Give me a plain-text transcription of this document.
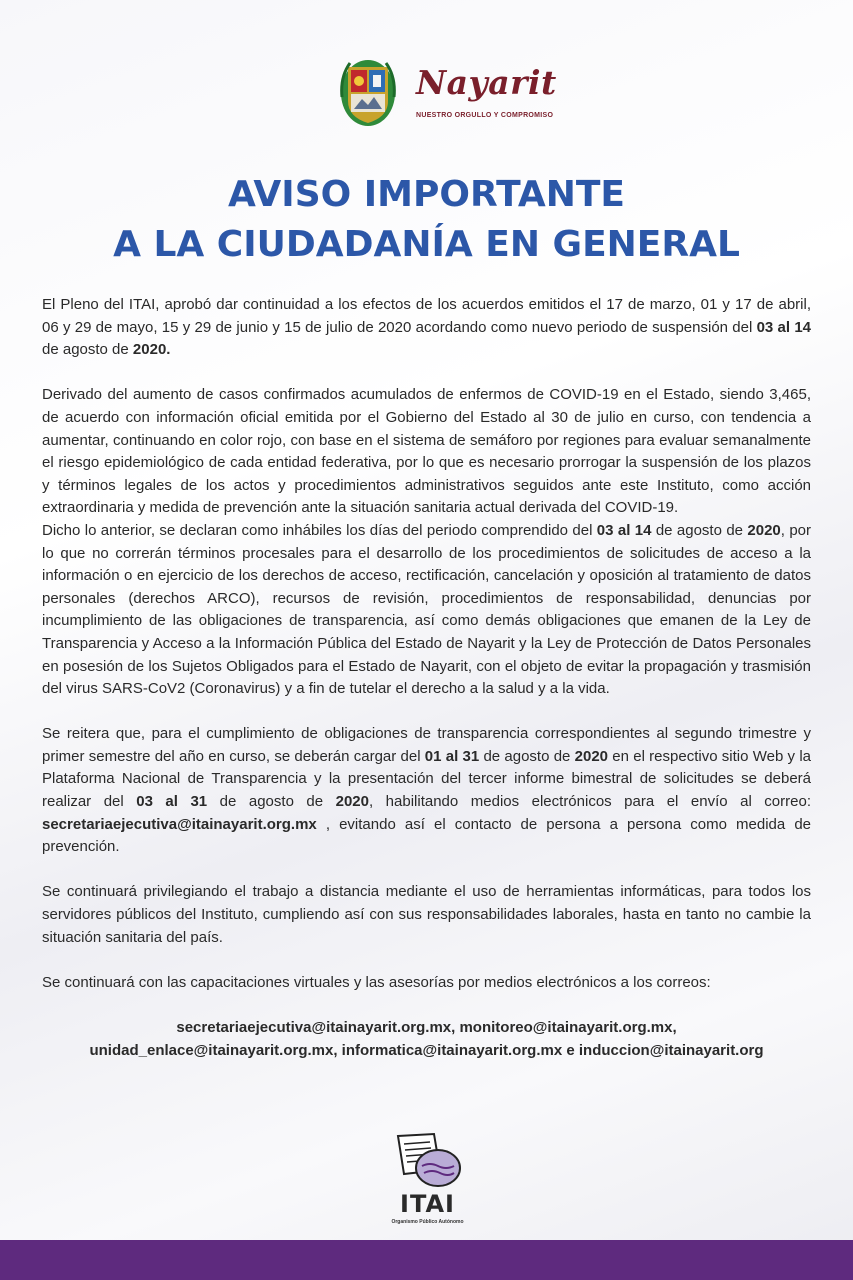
Nayarit
NUESTRO ORGULLO Y COMPROMISO
AVISO IMPORTANTE
A LA CIUDADANÍA EN GENERAL

El Pleno del ITAI, aprobó dar continuidad a los efectos de los acuerdos emitidos el 17 de marzo, 01 y 17 de abril, 06 y 29 de mayo, 15 y 29 de junio y 15 de julio de 2020 acordando como nuevo periodo de suspensión del 03 al 14 de agosto de 2020.

Derivado del aumento de casos confirmados acumulados de enfermos de COVID-19 en el Estado, siendo 3,465, de acuerdo con información oficial emitida por el Gobierno del Estado al 30 de julio en curso, con tendencia a aumentar, continuando en color rojo, con base en el sistema de semáforo por regiones para evaluar semanalmente el riesgo epidemiológico de cada entidad federativa, por lo que es necesario prorrogar la suspensión de los plazos y términos legales de los actos y procedimientos administrativos seguidos ante este Instituto, como acción extraordinaria y medida de prevención ante la situación sanitaria actual derivada del COVID-19.

Dicho lo anterior, se declaran como inhábiles los días del periodo comprendido del 03 al 14 de agosto de 2020, por lo que no correrán términos procesales para el desarrollo de los procedimientos de solicitudes de acceso a la información o en ejercicio de los derechos de acceso, rectificación, cancelación y oposición al tratamiento de datos personales (derechos ARCO), recursos de revisión, procedimientos de responsabilidad, denuncias por incumplimiento de las obligaciones de transparencia, así como demás obligaciones que emanen de la Ley de Transparencia y Acceso a la Información Pública del Estado de Nayarit y la Ley de Protección de Datos Personales en posesión de los Sujetos Obligados para el Estado de Nayarit, con el objeto de evitar la propagación y trasmisión del virus SARS-CoV2 (Coronavirus) y a fin de tutelar el derecho a la salud y a la vida.

Se reitera que, para el cumplimiento de obligaciones de transparencia correspondientes al segundo trimestre y primer semestre del año en curso, se deberán cargar del 01 al 31 de agosto de 2020 en el respectivo sitio Web y la Plataforma Nacional de Transparencia y la presentación del tercer informe bimestral de solicitudes se deberá realizar del 03 al 31 de agosto de 2020, habilitando medios electrónicos para el envío al correo: secretariaejecutiva@itainayarit.org.mx , evitando así el contacto de persona a persona como medida de prevención.

Se continuará privilegiando el trabajo a distancia mediante el uso de herramientas informáticas, para todos los servidores públicos del Instituto, cumpliendo así con sus responsabilidades laborales, hasta en tanto no cambie la situación sanitaria del país.

Se continuará con las capacitaciones virtuales y las asesorías por medios electrónicos a los correos:

secretariaejecutiva@itainayarit.org.mx, monitoreo@itainayarit.org.mx,
unidad_enlace@itainayarit.org.mx, informatica@itainayarit.org.mx e induccion@itainayarit.org
ITAI
Organismo Público Autónomo
